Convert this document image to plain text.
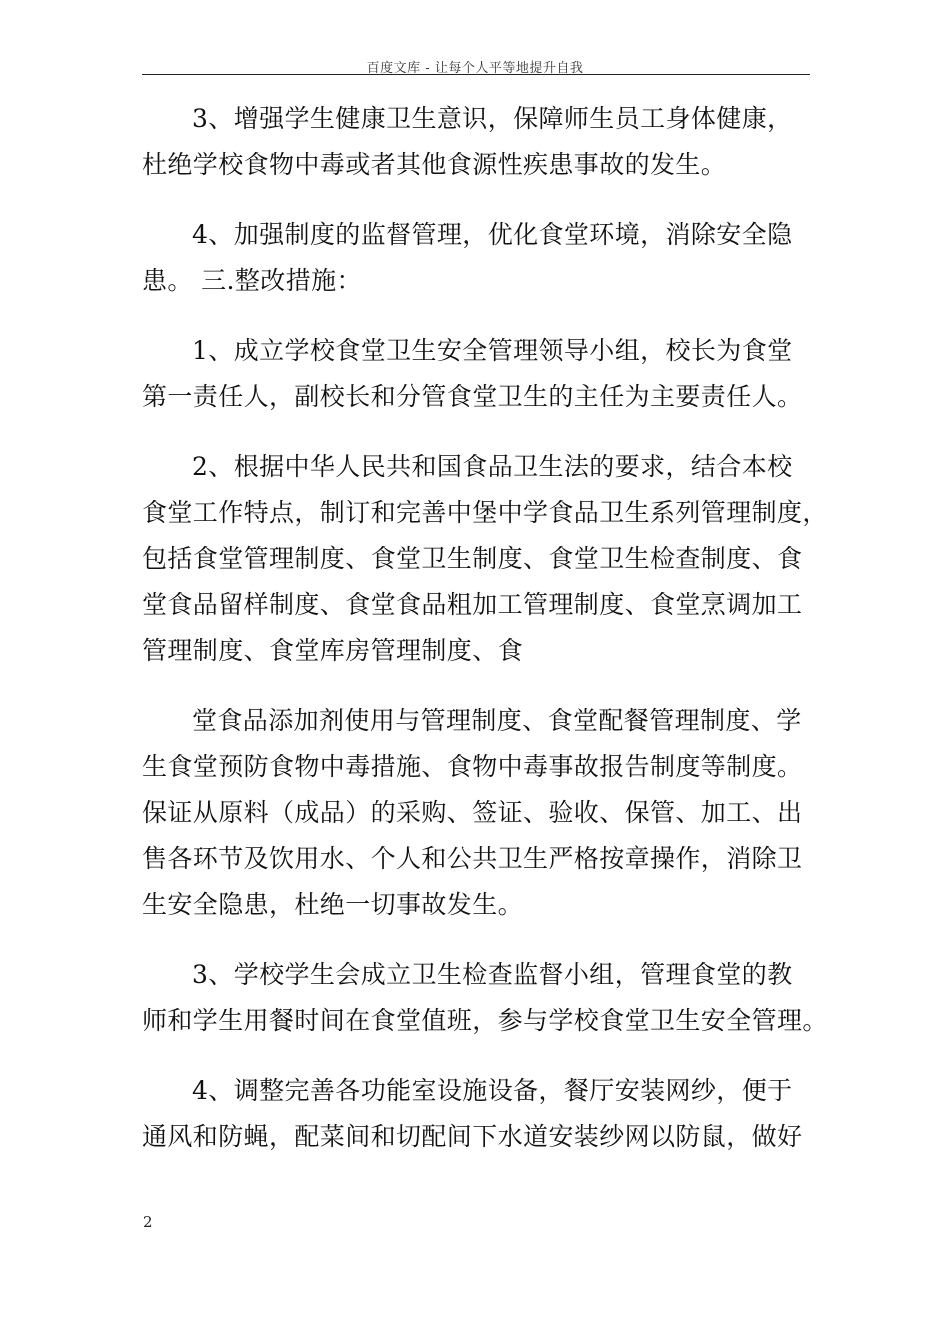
百度文库 - 让每个人平等地提升自我

3、增强学生健康卫生意识，保障师生员工身体健康，
杜绝学校食物中毒或者其他食源性疾患事故的发生。

4、加强制度的监督管理，优化食堂环境，消除安全隐
患。 三.整改措施：

1、成立学校食堂卫生安全管理领导小组，校长为食堂
第一责任人，副校长和分管食堂卫生的主任为主要责任人。

2、根据中华人民共和国食品卫生法的要求，结合本校
食堂工作特点，制订和完善中堡中学食品卫生系列管理制度，
包括食堂管理制度、食堂卫生制度、食堂卫生检查制度、食
堂食品留样制度、食堂食品粗加工管理制度、食堂烹调加工
管理制度、食堂库房管理制度、食

堂食品添加剂使用与管理制度、食堂配餐管理制度、学
生食堂预防食物中毒措施、食物中毒事故报告制度等制度。
保证从原料（成品）的采购、签证、验收、保管、加工、出
售各环节及饮用水、个人和公共卫生严格按章操作，消除卫
生安全隐患，杜绝一切事故发生。

3、学校学生会成立卫生检查监督小组，管理食堂的教
师和学生用餐时间在食堂值班，参与学校食堂卫生安全管理。

4、调整完善各功能室设施设备，餐厅安装网纱，便于
通风和防蝇，配菜间和切配间下水道安装纱网以防鼠，做好

2
